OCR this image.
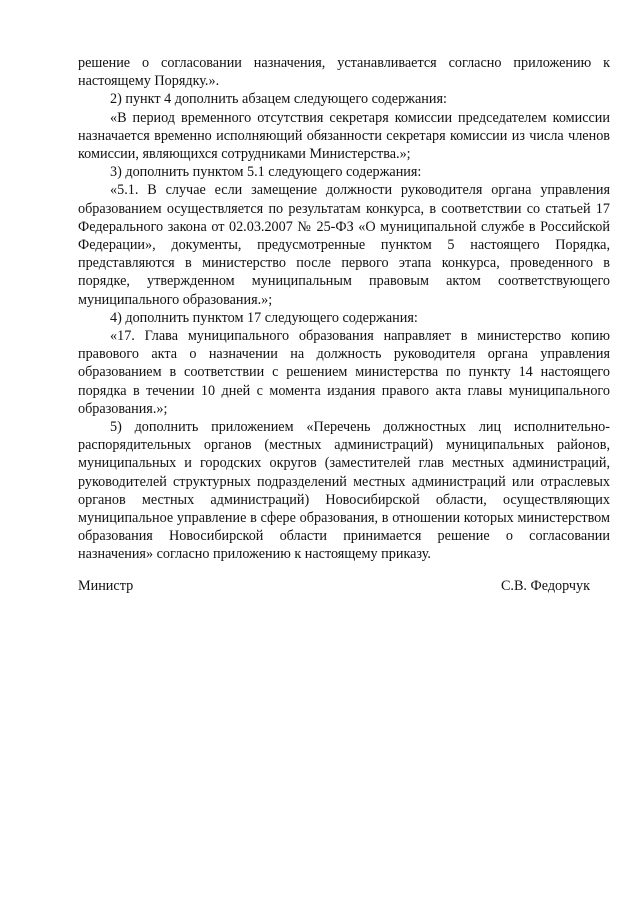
решение о согласовании назначения, устанавливается согласно приложению к настоящему Порядку.».

2) пункт 4 дополнить абзацем следующего содержания:

«В период временного отсутствия секретаря комиссии председателем комиссии назначается временно исполняющий обязанности секретаря комиссии из числа членов комиссии, являющихся сотрудниками Министерства.»;

3) дополнить пунктом 5.1 следующего содержания:

«5.1. В случае если замещение должности руководителя органа управления образованием осуществляется по результатам конкурса, в соответствии со статьей 17 Федерального закона от 02.03.2007 № 25-ФЗ «О муниципальной службе в Российской Федерации», документы, предусмотренные пунктом 5 настоящего Порядка, представляются в министерство после первого этапа конкурса, проведенного в порядке, утвержденном муниципальным правовым актом соответствующего муниципального образования.»;

4) дополнить пунктом 17 следующего содержания:

«17. Глава муниципального образования направляет в министерство копию правового акта о назначении на должность руководителя органа управления образованием в соответствии с решением министерства по пункту 14 настоящего порядка в течении 10 дней с момента издания правого акта главы муниципального образования.»;

5) дополнить приложением «Перечень должностных лиц исполнительно-распорядительных органов (местных администраций) муниципальных районов, муниципальных и городских округов (заместителей глав местных администраций, руководителей структурных подразделений местных администраций или отраслевых органов местных администраций) Новосибирской области, осуществляющих муниципальное управление в сфере образования, в отношении которых министерством образования Новосибирской области принимается решение о согласовании назначения» согласно приложению к настоящему приказу.

Министр	С.В. Федорчук
